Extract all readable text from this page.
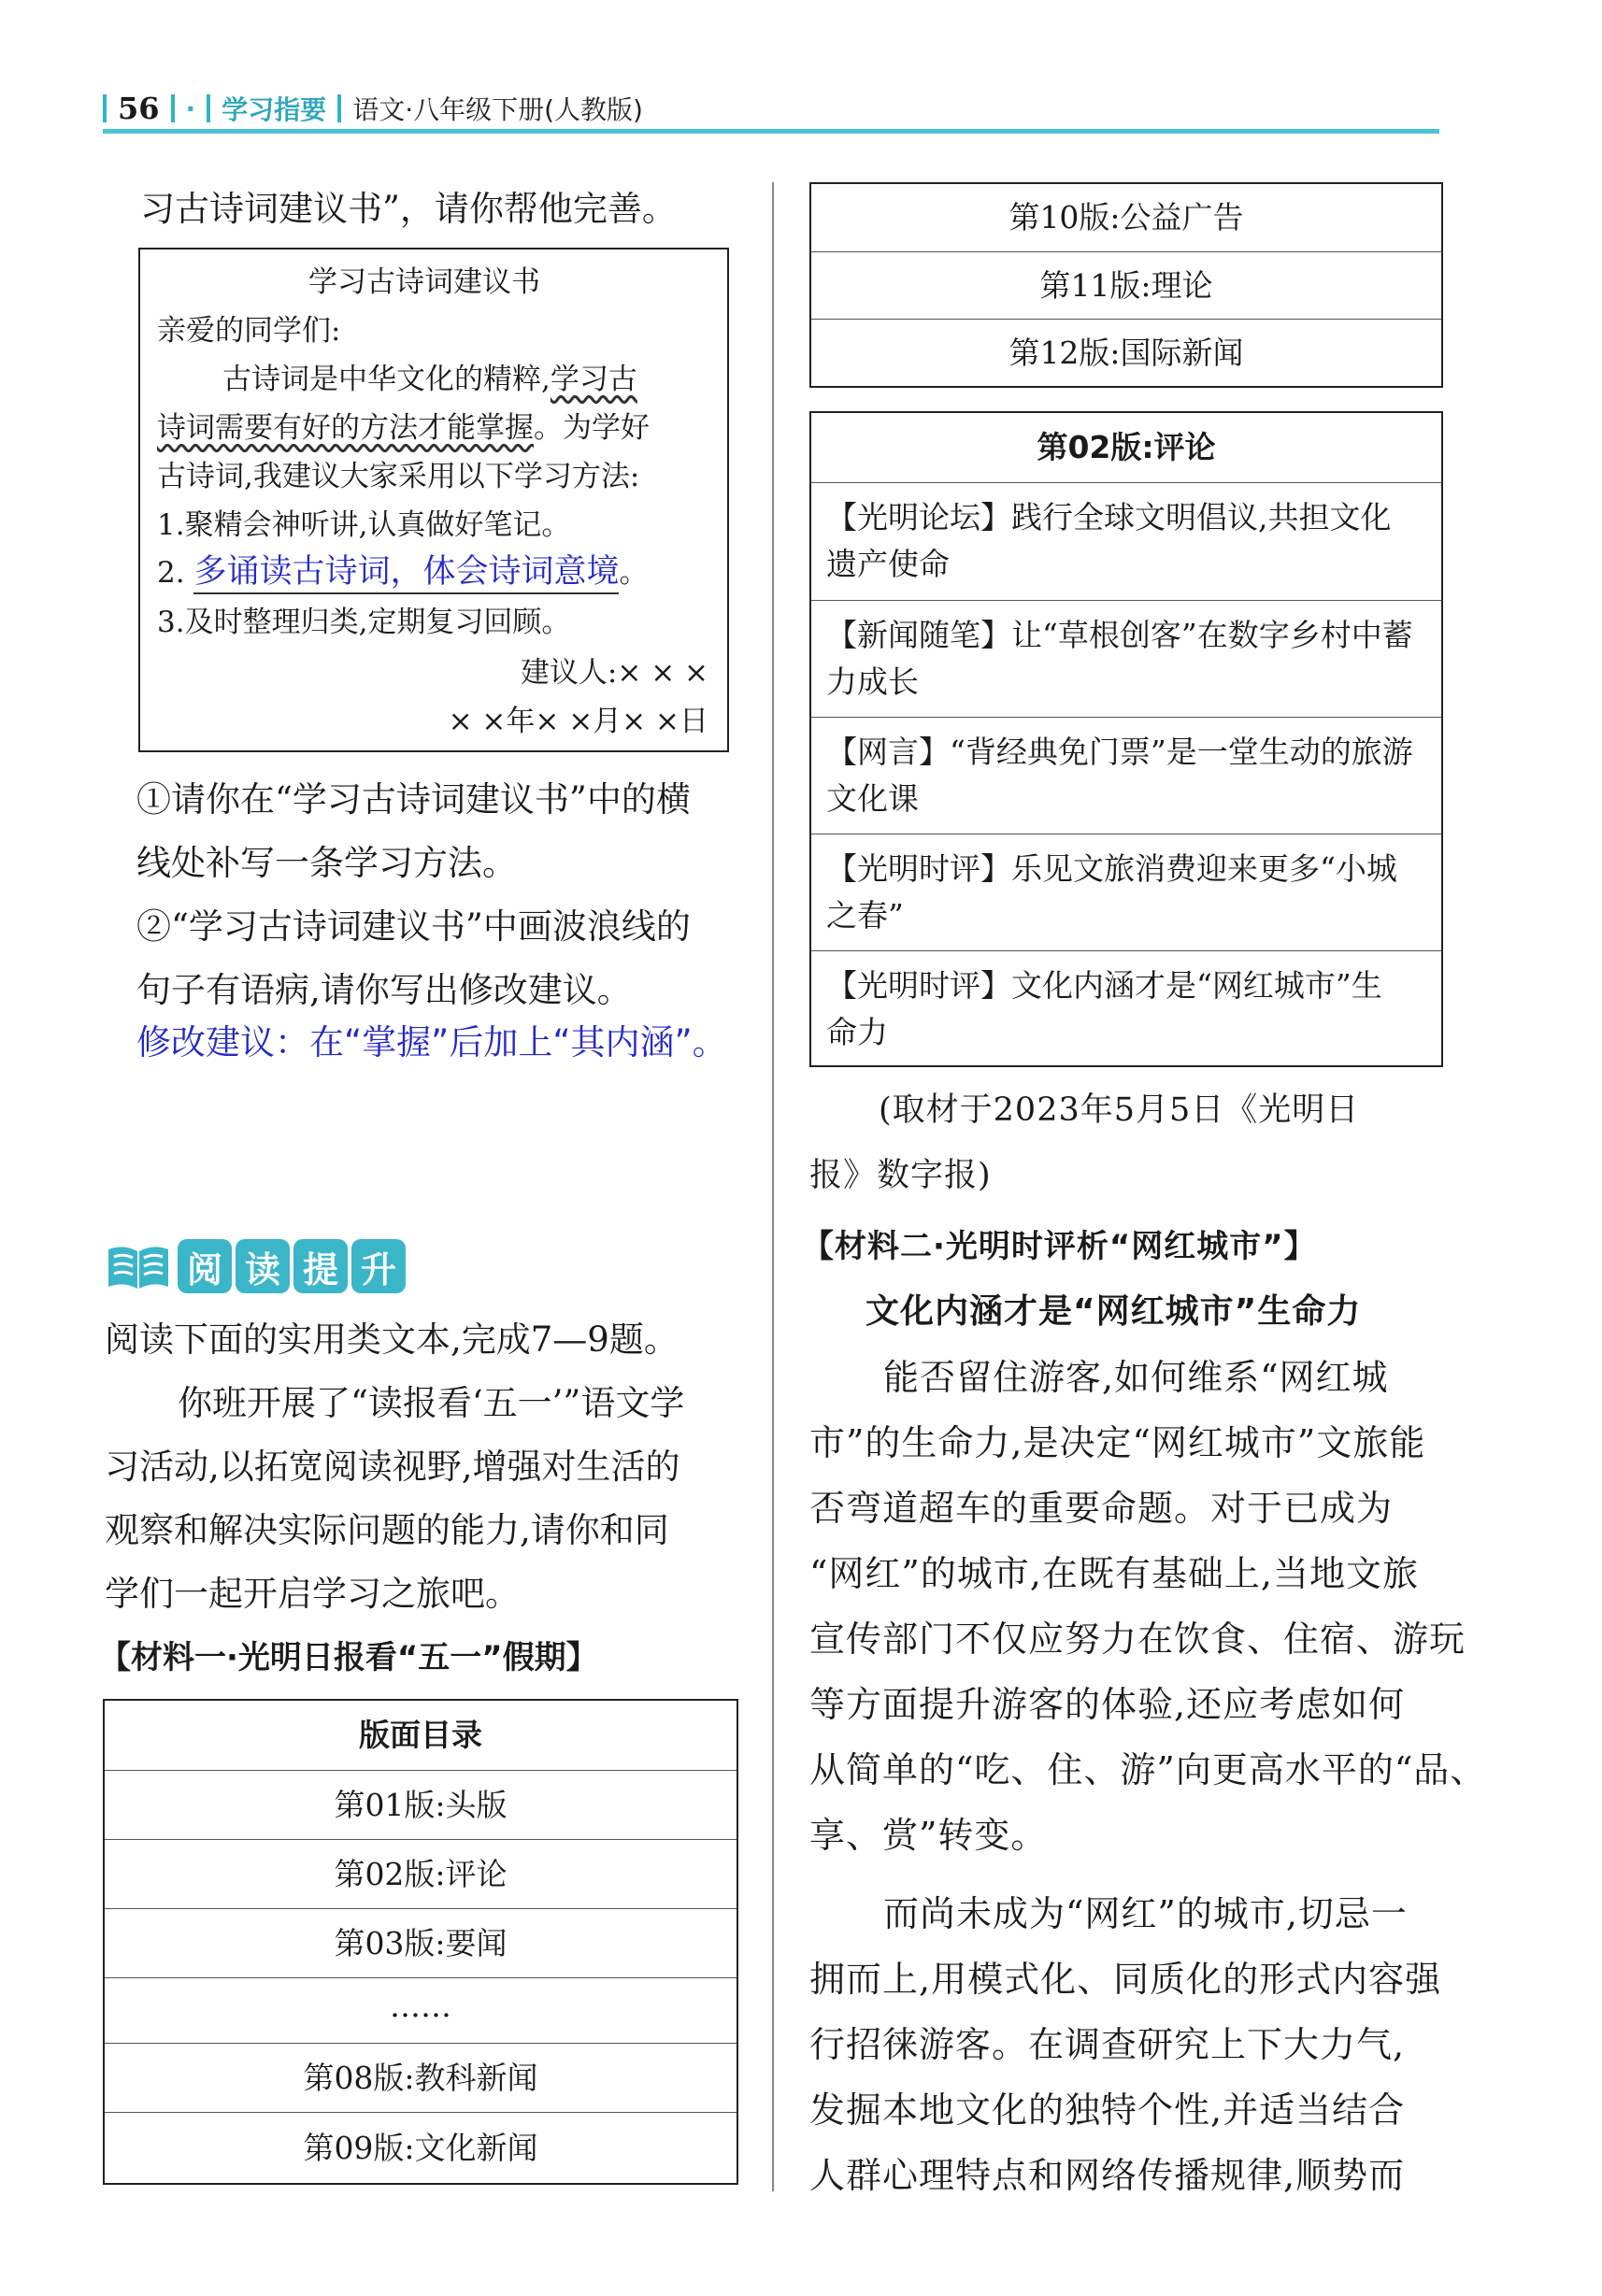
56 · 学习指要 语文·八年级下册(人教版)
习古诗词建议书”，请你帮他完善。
学习古诗词建议书
亲爱的同学们:
古诗词是中华文化的精粹,学习古
诗词需要有好的方法才能掌握。为学好
古诗词,我建议大家采用以下学习方法:
1.聚精会神听讲,认真做好笔记。
2. 多诵读古诗词，体会诗词意境。
3.及时整理归类,定期复习回顾。
建议人:× × ×
× ×年× ×月× ×日
①请你在“学习古诗词建议书”中的横
线处补写一条学习方法。
②“学习古诗词建议书”中画波浪线的
句子有语病,请你写出修改建议。
修改建议：在“掌握”后加上“其内涵”。
阅 读 提 升
阅读下面的实用类文本,完成7—9题。
你班开展了“读报看‘五一’”语文学
习活动,以拓宽阅读视野,增强对生活的
观察和解决实际问题的能力,请你和同
学们一起开启学习之旅吧。
【材料一·光明日报看“五一”假期】
版面目录
第01版:头版
第02版:评论
第03版:要闻
……
第08版:教科新闻
第09版:文化新闻
第10版:公益广告
第11版:理论
第12版:国际新闻
第02版:评论
【光明论坛】践行全球文明倡议,共担文化
遗产使命
【新闻随笔】让“草根创客”在数字乡村中蓄
力成长
【网言】“背经典免门票”是一堂生动的旅游
文化课
【光明时评】乐见文旅消费迎来更多“小城
之春”
【光明时评】文化内涵才是“网红城市”生
命力
(取材于2023年5月5日《光明日
报》数字报)
【材料二·光明时评析“网红城市”】
文化内涵才是“网红城市”生命力
能否留住游客,如何维系“网红城
市”的生命力,是决定“网红城市”文旅能
否弯道超车的重要命题。对于已成为
“网红”的城市,在既有基础上,当地文旅
宣传部门不仅应努力在饮食、住宿、游玩
等方面提升游客的体验,还应考虑如何
从简单的“吃、住、游”向更高水平的“品、
享、赏”转变。
而尚未成为“网红”的城市,切忌一
拥而上,用模式化、同质化的形式内容强
行招徕游客。在调查研究上下大力气,
发掘本地文化的独特个性,并适当结合
人群心理特点和网络传播规律,顺势而
